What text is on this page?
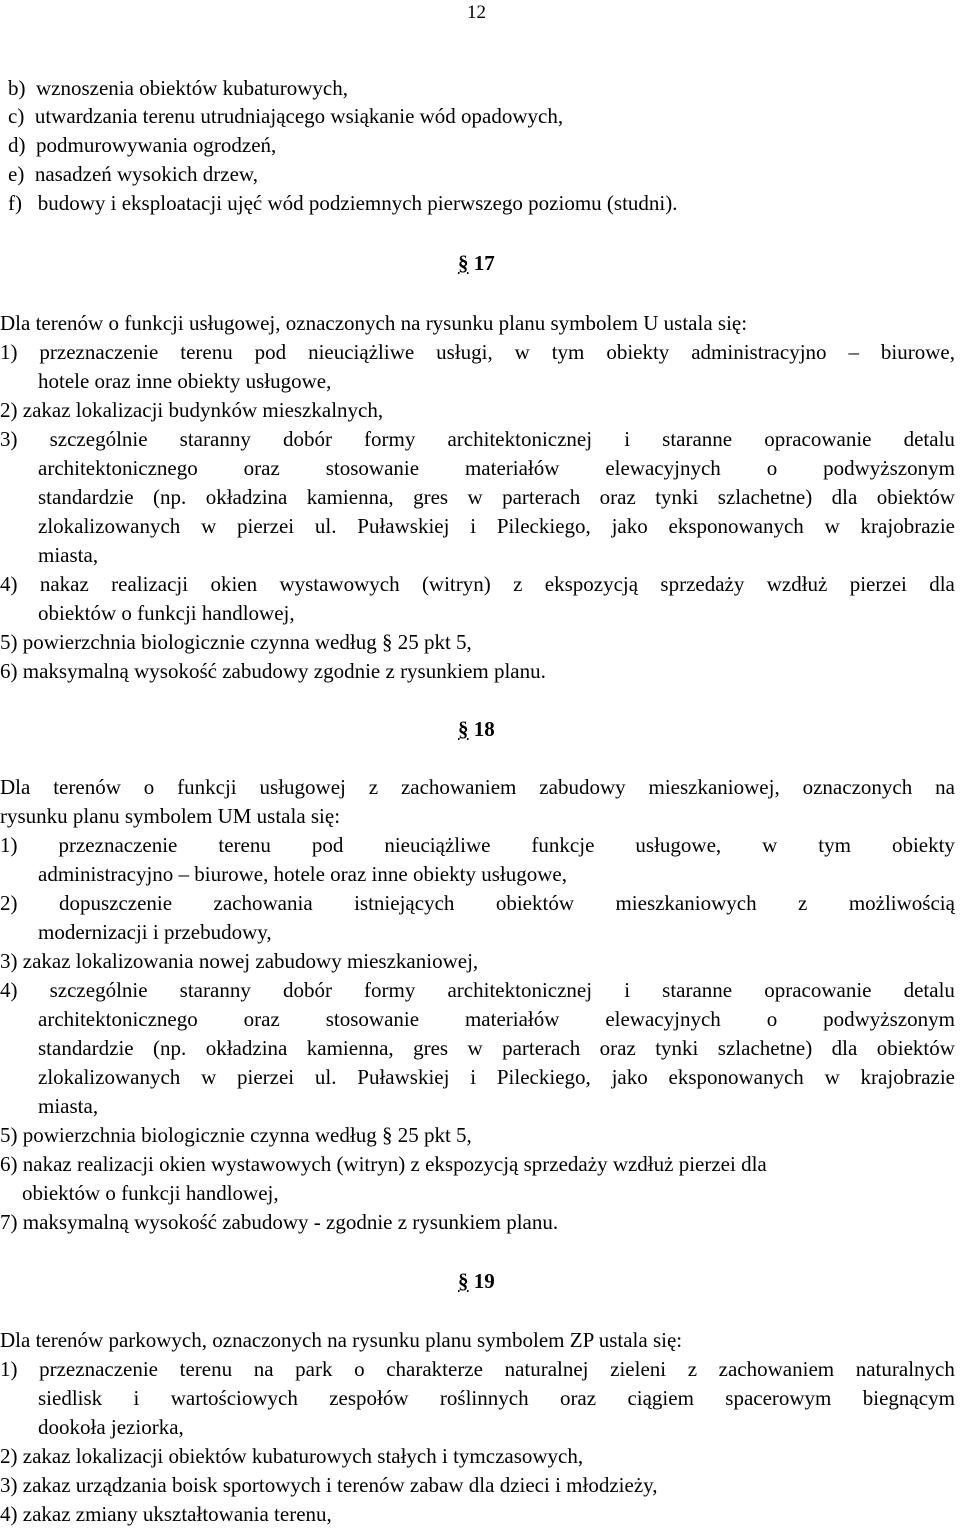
12
b)  wznoszenia obiektów kubaturowych,
c)  utwardzania terenu utrudniającego wsiąkanie wód opadowych,
d)  podmurowywania ogrodzeń,
e)  nasadzeń wysokich drzew,
f)   budowy i eksploatacji ujęć wód podziemnych pierwszego poziomu (studni).
§ 17
Dla terenów o funkcji usługowej, oznaczonych na rysunku planu symbolem U ustala się:
1) przeznaczenie terenu pod nieuciążliwe usługi, w tym obiekty administracyjno – biurowe,
hotele oraz inne obiekty usługowe,
2) zakaz lokalizacji budynków mieszkalnych,
3) szczególnie staranny dobór formy architektonicznej i staranne opracowanie detalu
architektonicznego oraz stosowanie materiałów elewacyjnych o podwyższonym
standardzie (np. okładzina kamienna, gres w parterach oraz tynki szlachetne) dla obiektów
zlokalizowanych w pierzei ul. Puławskiej i Pileckiego, jako eksponowanych w krajobrazie
miasta,
4) nakaz realizacji okien wystawowych (witryn) z ekspozycją sprzedaży wzdłuż pierzei dla
obiektów o funkcji handlowej,
5) powierzchnia biologicznie czynna według § 25 pkt 5,
6) maksymalną wysokość zabudowy zgodnie z rysunkiem planu.
§ 18
Dla terenów o funkcji usługowej z zachowaniem zabudowy mieszkaniowej, oznaczonych na
rysunku planu symbolem UM ustala się:
1) przeznaczenie terenu pod nieuciążliwe funkcje usługowe, w tym obiekty
administracyjno – biurowe, hotele oraz inne obiekty usługowe,
2) dopuszczenie zachowania istniejących obiektów mieszkaniowych z możliwością
modernizacji i przebudowy,
3) zakaz lokalizowania nowej zabudowy mieszkaniowej,
4) szczególnie staranny dobór formy architektonicznej i staranne opracowanie detalu
architektonicznego oraz stosowanie materiałów elewacyjnych o podwyższonym
standardzie (np. okładzina kamienna, gres w parterach oraz tynki szlachetne) dla obiektów
zlokalizowanych w pierzei ul. Puławskiej i Pileckiego, jako eksponowanych w krajobrazie
miasta,
5) powierzchnia biologicznie czynna według § 25 pkt 5,
6) nakaz realizacji okien wystawowych (witryn) z ekspozycją sprzedaży wzdłuż pierzei dla
obiektów o funkcji handlowej,
7) maksymalną wysokość zabudowy - zgodnie z rysunkiem planu.
§ 19
Dla terenów parkowych, oznaczonych na rysunku planu symbolem ZP ustala się:
1) przeznaczenie terenu na park o charakterze naturalnej zieleni z zachowaniem naturalnych
siedlisk i wartościowych zespołów roślinnych oraz ciągiem spacerowym biegnącym
dookoła jeziorka,
2) zakaz lokalizacji obiektów kubaturowych stałych i tymczasowych,
3) zakaz urządzania boisk sportowych i terenów zabaw dla dzieci i młodzieży,
4) zakaz zmiany ukształtowania terenu,
